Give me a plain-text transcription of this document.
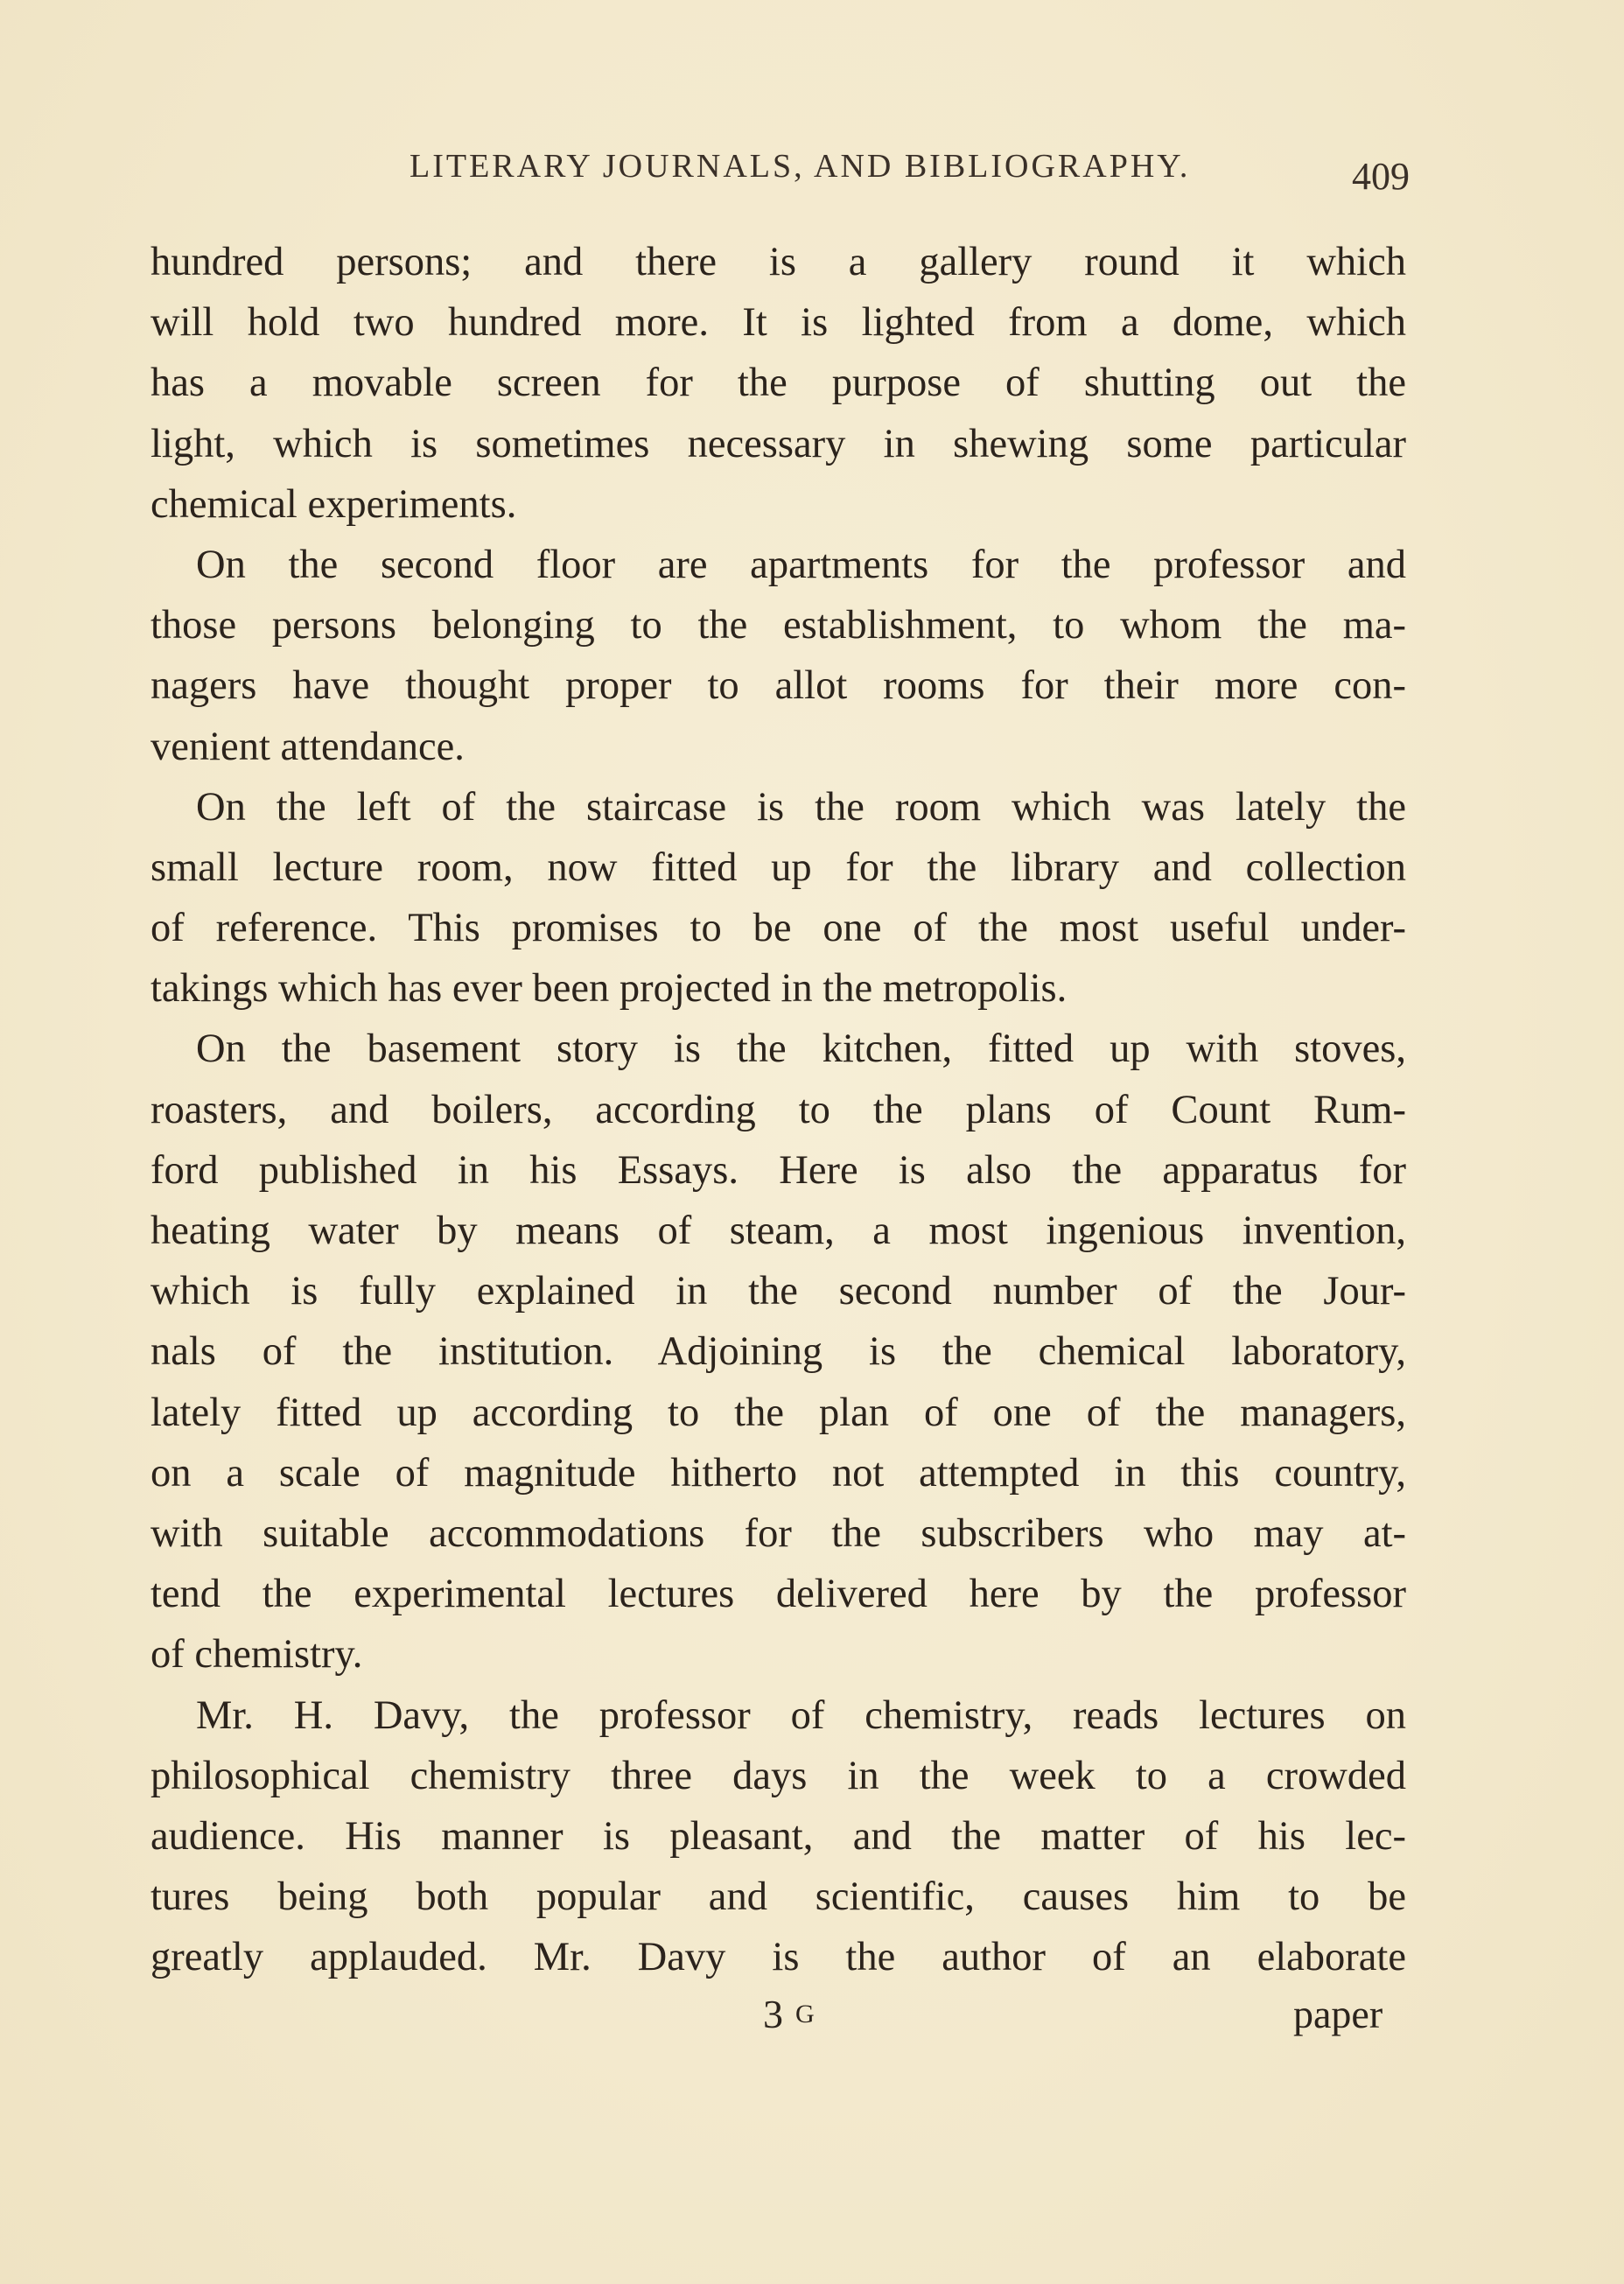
LITERARY JOURNALS, AND BIBLIOGRAPHY.	409
hundred persons; and there is a gallery round it which
will hold two hundred more. It is lighted from a dome, which
has a movable screen for the purpose of shutting out the
light, which is sometimes necessary in shewing some particular
chemical experiments.
On the second floor are apartments for the professor and
those persons belonging to the establishment, to whom the ma-
nagers have thought proper to allot rooms for their more con-
venient attendance.
On the left of the staircase is the room which was lately the
small lecture room, now fitted up for the library and collection
of reference. This promises to be one of the most useful under-
takings which has ever been projected in the metropolis.
On the basement story is the kitchen, fitted up with stoves,
roasters, and boilers, according to the plans of Count Rum-
ford published in his Essays. Here is also the apparatus for
heating water by means of steam, a most ingenious invention,
which is fully explained in the second number of the Jour-
nals of the institution. Adjoining is the chemical laboratory,
lately fitted up according to the plan of one of the managers,
on a scale of magnitude hitherto not attempted in this country,
with suitable accommodations for the subscribers who may at-
tend the experimental lectures delivered here by the professor
of chemistry.
Mr. H. Davy, the professor of chemistry, reads lectures on
philosophical chemistry three days in the week to a crowded
audience. His manner is pleasant, and the matter of his lec-
tures being both popular and scientific, causes him to be
greatly applauded. Mr. Davy is the author of an elaborate
3 G	paper
